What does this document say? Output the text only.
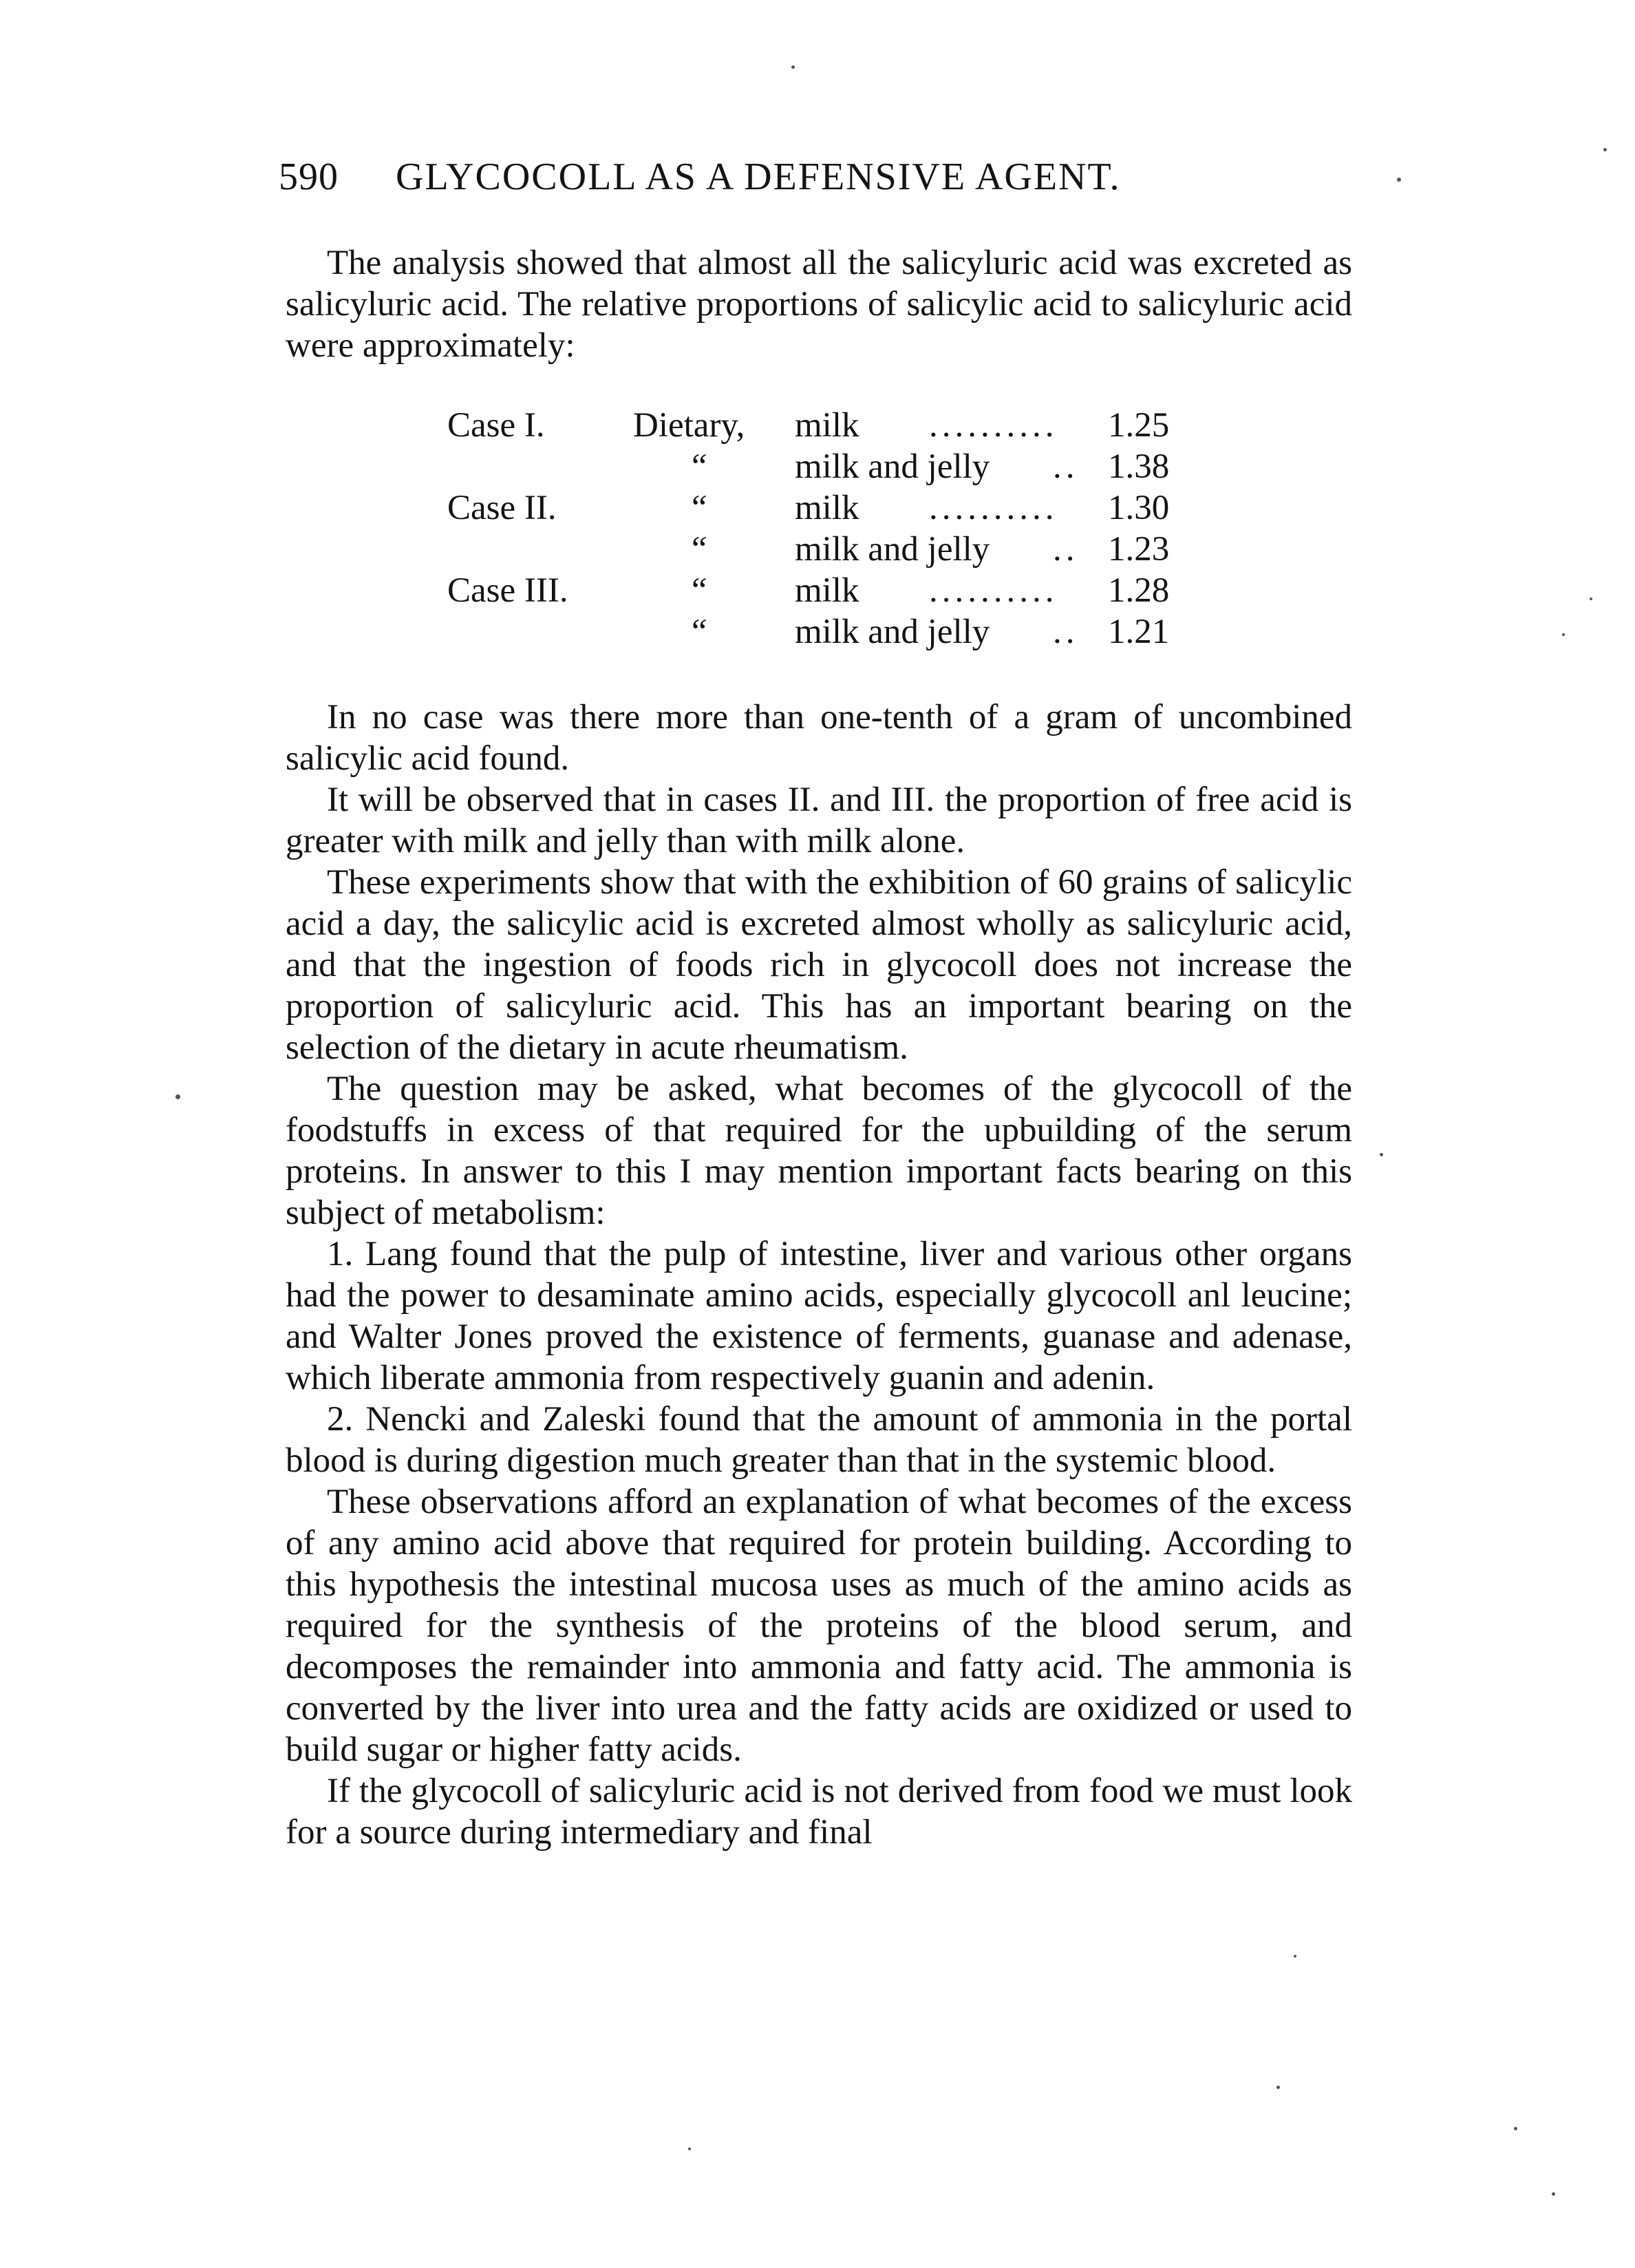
590 GLYCOCOLL AS A DEFENSIVE AGENT.

The analysis showed that almost all the salicyluric acid was excreted as salicyluric acid. The relative proportions of salicylic acid to salicyluric acid were approximately:

Case I.	Dietary, milk .......... 1.25
“ milk and jelly .. 1.38
Case II.	“ milk .......... 1.30
“ milk and jelly .. 1.23
Case III.	“ milk .......... 1.28
“ milk and jelly .. 1.21

In no case was there more than one-tenth of a gram of uncombined salicylic acid found.

It will be observed that in cases II. and III. the proportion of free acid is greater with milk and jelly than with milk alone.

These experiments show that with the exhibition of 60 grains of salicylic acid a day, the salicylic acid is excreted almost wholly as salicyluric acid, and that the ingestion of foods rich in glycocoll does not increase the proportion of salicyluric acid. This has an important bearing on the selection of the dietary in acute rheumatism.

The question may be asked, what becomes of the glycocoll of the foodstuffs in excess of that required for the upbuilding of the serum proteins. In answer to this I may mention important facts bearing on this subject of metabolism:

1. Lang found that the pulp of intestine, liver and various other organs had the power to desaminate amino acids, especially glycocoll anl leucine; and Walter Jones proved the existence of ferments, guanase and adenase, which liberate ammonia from respectively guanin and adenin.

2. Nencki and Zaleski found that the amount of ammonia in the portal blood is during digestion much greater than that in the systemic blood.

These observations afford an explanation of what becomes of the excess of any amino acid above that required for protein building. According to this hypothesis the intestinal mucosa uses as much of the amino acids as required for the synthesis of the proteins of the blood serum, and decomposes the remainder into ammonia and fatty acid. The ammonia is converted by the liver into urea and the fatty acids are oxidized or used to build sugar or higher fatty acids.

If the glycocoll of salicyluric acid is not derived from food we must look for a source during intermediary and final
